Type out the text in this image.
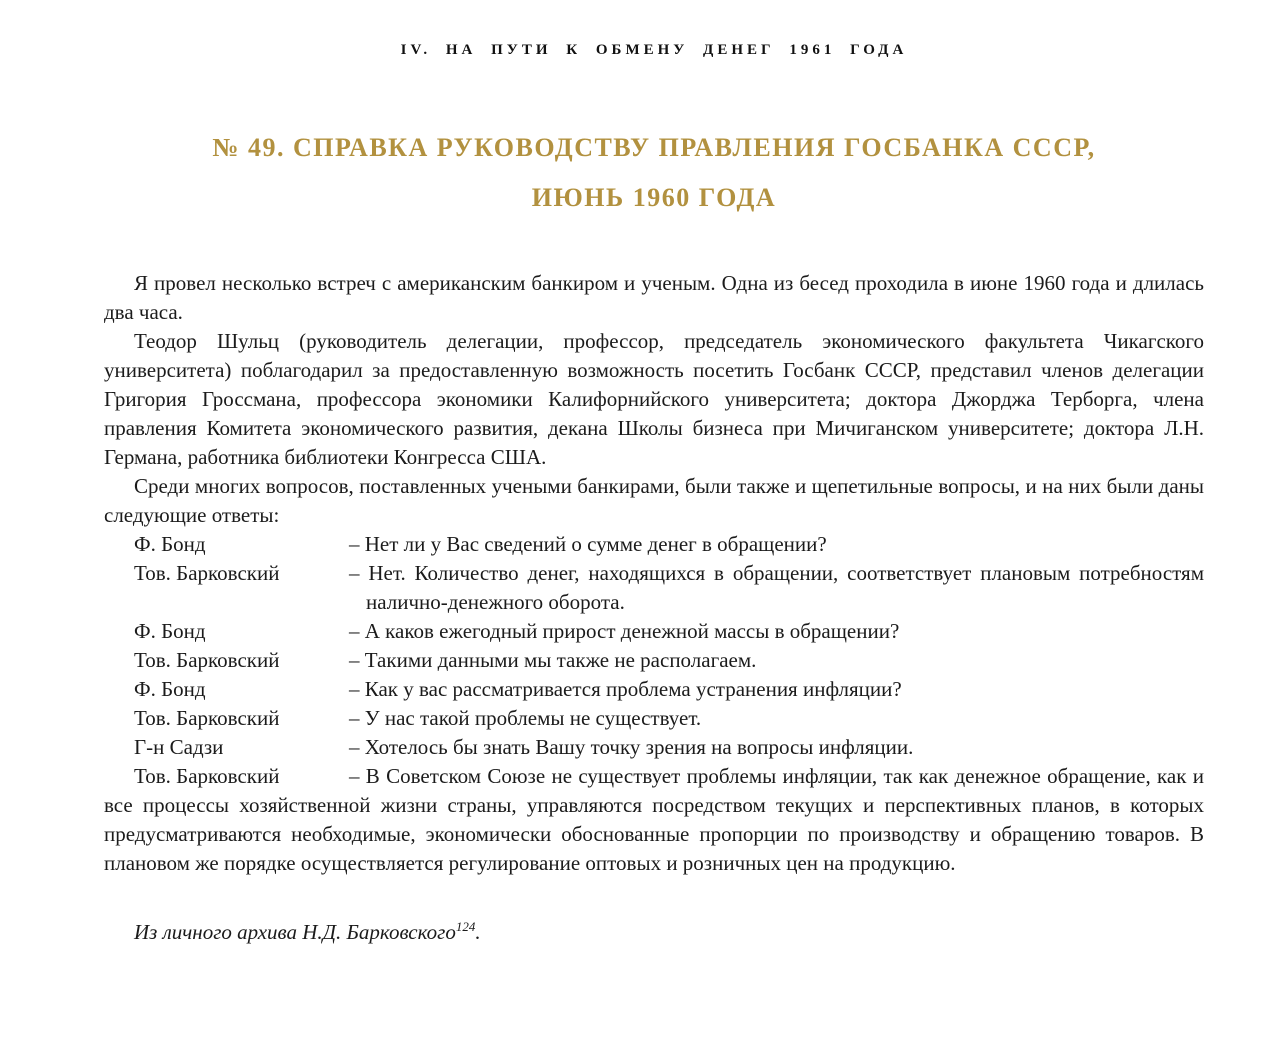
IV. НА ПУТИ К ОБМЕНУ ДЕНЕГ 1961 ГОДА
№ 49. СПРАВКА РУКОВОДСТВУ ПРАВЛЕНИЯ ГОСБАНКА СССР,
ИЮНЬ 1960 ГОДА

Я провел несколько встреч с американским банкиром и ученым. Одна из бесед проходила в июне 1960 года и длилась два часа.

Теодор Шульц (руководитель делегации, профессор, председатель экономического факультета Чикагского университета) поблагодарил за предоставленную возможность посетить Госбанк СССР, представил членов делегации Григория Гроссмана, профессора экономики Калифорнийского университета; доктора Джорджа Терборга, члена правления Комитета экономического развития, декана Школы бизнеса при Мичиганском университете; доктора Л.Н. Германа, работника библиотеки Конгресса США.

Среди многих вопросов, поставленных учеными банкирами, были также и щепетильные вопросы, и на них были даны следующие ответы:

Ф. Бонд	– Нет ли у Вас сведений о сумме денег в обращении?
Тов. Барковский	– Нет. Количество денег, находящихся в обращении, соответствует плановым потребностям налично-денежного оборота.
Ф. Бонд	– А каков ежегодный прирост денежной массы в обращении?
Тов. Барковский	– Такими данными мы также не располагаем.
Ф. Бонд	– Как у вас рассматривается проблема устранения инфляции?
Тов. Барковский	– У нас такой проблемы не существует.
Г-н Садзи	– Хотелось бы знать Вашу точку зрения на вопросы инфляции.

Тов. Барковский	– В Советском Союзе не существует проблемы инфляции, так как денежное обращение, как и все процессы хозяйственной жизни страны, управляются посредством текущих и перспективных планов, в которых предусматриваются необходимые, экономически обоснованные пропорции по производству и обращению товаров. В плановом же порядке осуществляется регулирование оптовых и розничных цен на продукцию.

Из личного архива Н.Д. Барковского$^{124}$.
